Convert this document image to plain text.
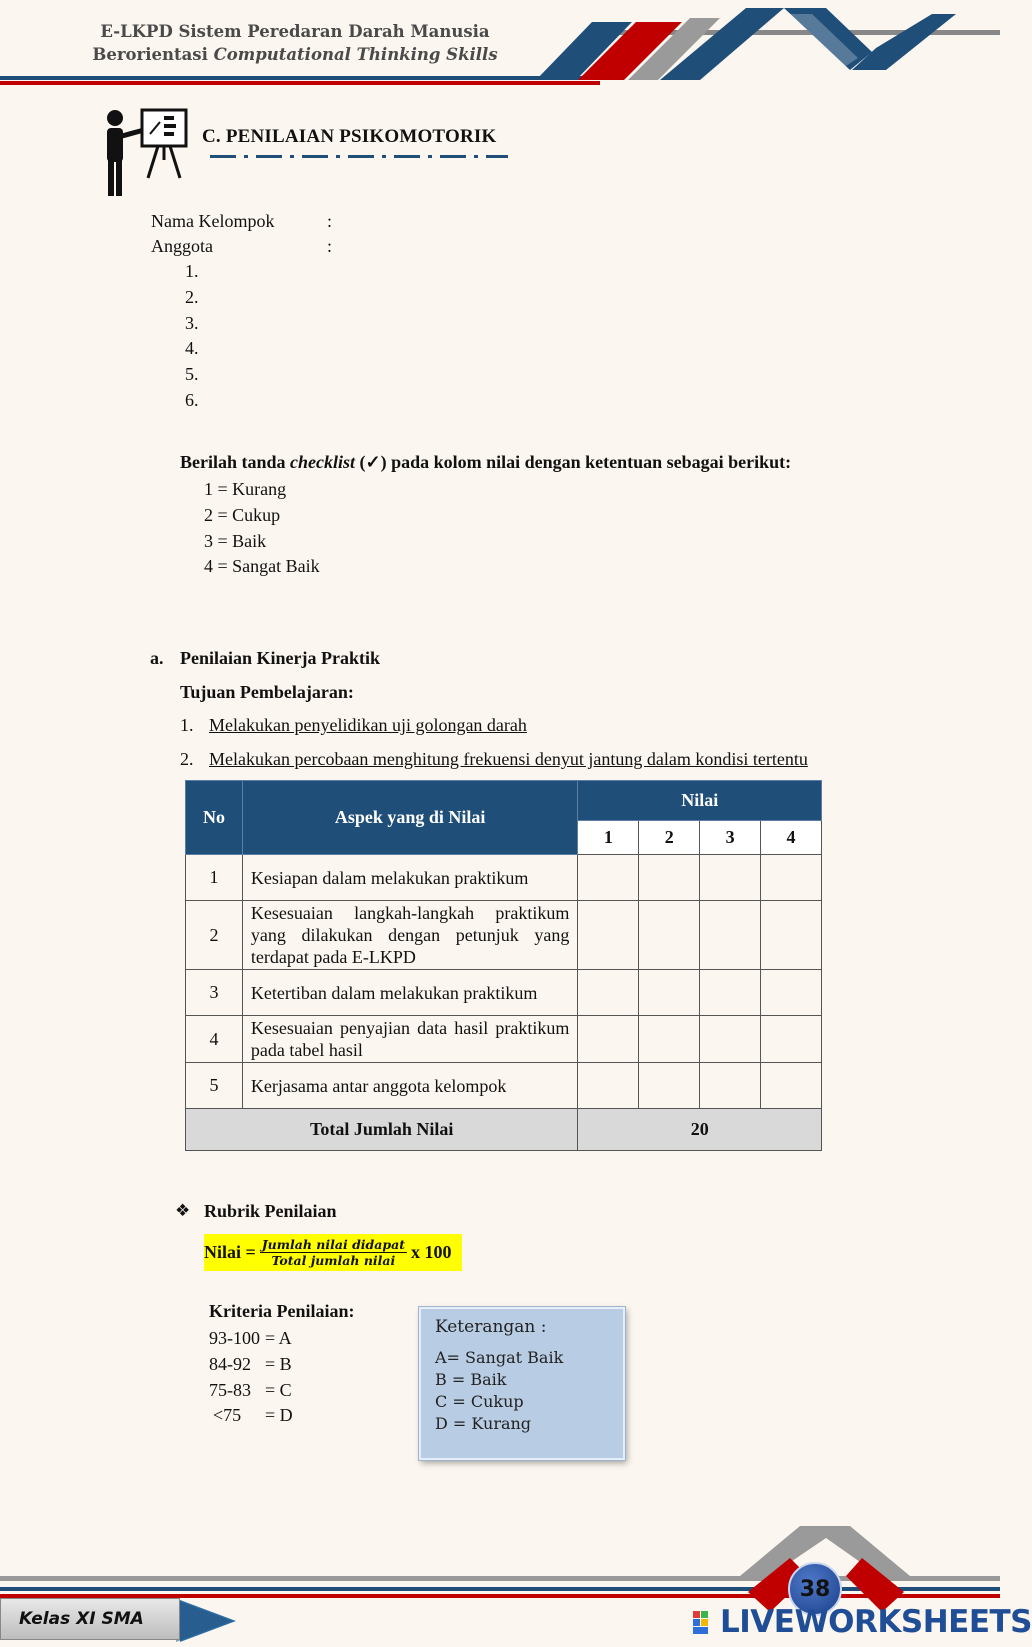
E-LKPD Sistem Peredaran Darah Manusia
Berorientasi Computational Thinking Skills
C. PENILAIAN PSIKOMOTORIK
Nama Kelompok	:
Anggota	:
1.
2.
3.
4.
5.
6.
Berilah tanda checklist (✓) pada kolom nilai dengan ketentuan sebagai berikut:
1 = Kurang
2 = Cukup
3 = Baik
4 = Sangat Baik
a. Penilaian Kinerja Praktik
Tujuan Pembelajaran:
1. Melakukan penyelidikan uji golongan darah
2. Melakukan percobaan menghitung frekuensi denyut jantung dalam kondisi tertentu
No	Aspek yang di Nilai	Nilai			
		1	2	3	4
1	Kesiapan dalam melakukan praktikum				
2	Kesesuaian langkah-langkah praktikum yang dilakukan dengan petunjuk yang terdapat pada E-LKPD				
3	Ketertiban dalam melakukan praktikum				
4	Kesesuaian penyajian data hasil praktikum pada tabel hasil				
5	Kerjasama antar anggota kelompok				
Total Jumlah Nilai		20			
❖ Rubrik Penilaian
Nilai = $\frac{\text{Jumlah nilai didapat}}{\text{Total jumlah nilai}}$ x 100
Kriteria Penilaian:
93-100 = A
84-92 = B
75-83 = C
<75 = D
Keterangan :
A= Sangat Baik
B = Baik
C = Cukup
D = Kurang
Kelas XI SMA
38
LIVEWORKSHEETS
